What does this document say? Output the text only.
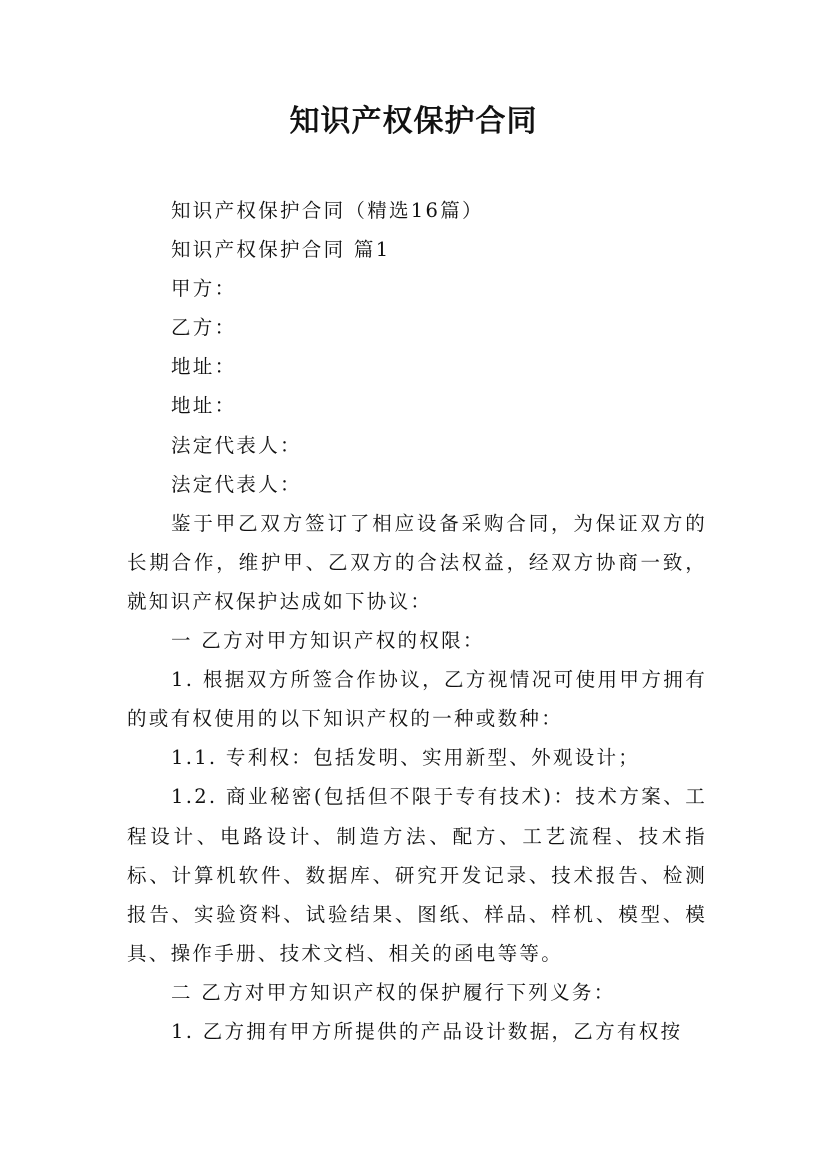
知识产权保护合同

知识产权保护合同（精选16篇）

知识产权保护合同 篇1

甲方：

乙方：

地址：

地址：

法定代表人：

法定代表人：

鉴于甲乙双方签订了相应设备采购合同，为保证双方的长期合作，维护甲、乙双方的合法权益，经双方协商一致，就知识产权保护达成如下协议：

一 乙方对甲方知识产权的权限：

1. 根据双方所签合作协议，乙方视情况可使用甲方拥有的或有权使用的以下知识产权的一种或数种：

1.1. 专利权：包括发明、实用新型、外观设计；

1.2. 商业秘密(包括但不限于专有技术)：技术方案、工程设计、电路设计、制造方法、配方、工艺流程、技术指标、计算机软件、数据库、研究开发记录、技术报告、检测报告、实验资料、试验结果、图纸、样品、样机、模型、模具、操作手册、技术文档、相关的函电等等。

二 乙方对甲方知识产权的保护履行下列义务：

1. 乙方拥有甲方所提供的产品设计数据，乙方有权按
